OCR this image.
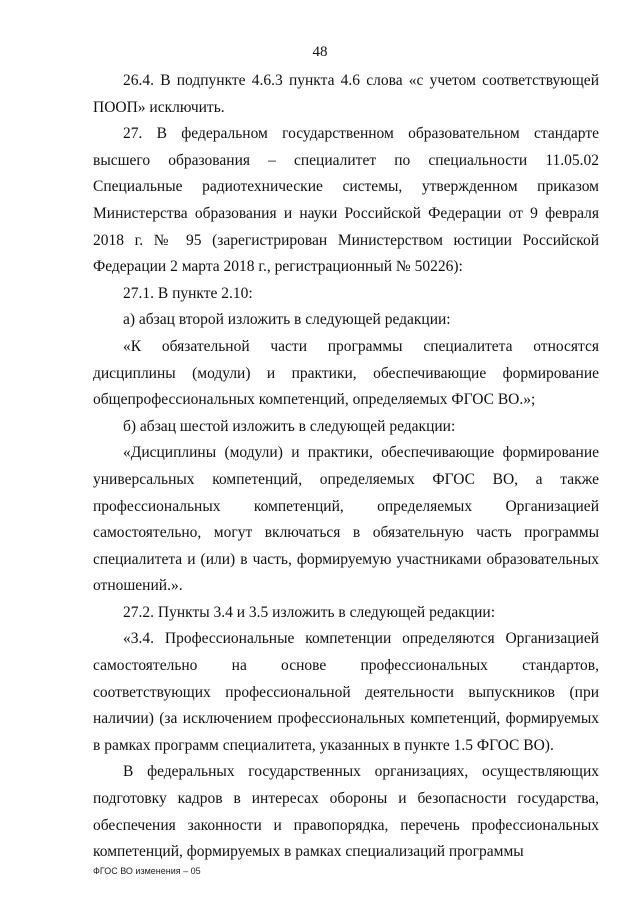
48

26.4. В подпункте 4.6.3 пункта 4.6 слова «с учетом соответствующей ПООП» исключить.

27. В федеральном государственном образовательном стандарте высшего образования – специалитет по специальности 11.05.02 Специальные радиотехнические системы, утвержденном приказом Министерства образования и науки Российской Федерации от 9 февраля 2018 г. № 95 (зарегистрирован Министерством юстиции Российской Федерации 2 марта 2018 г., регистрационный № 50226):

27.1. В пункте 2.10:

а) абзац второй изложить в следующей редакции:

«К обязательной части программы специалитета относятся дисциплины (модули) и практики, обеспечивающие формирование общепрофессиональных компетенций, определяемых ФГОС ВО.»;

б) абзац шестой изложить в следующей редакции:

«Дисциплины (модули) и практики, обеспечивающие формирование универсальных компетенций, определяемых ФГОС ВО, а также профессиональных компетенций, определяемых Организацией самостоятельно, могут включаться в обязательную часть программы специалитета и (или) в часть, формируемую участниками образовательных отношений.».

27.2. Пункты 3.4 и 3.5 изложить в следующей редакции:

«3.4. Профессиональные компетенции определяются Организацией самостоятельно на основе профессиональных стандартов, соответствующих профессиональной деятельности выпускников (при наличии) (за исключением профессиональных компетенций, формируемых в рамках программ специалитета, указанных в пункте 1.5 ФГОС ВО).

В федеральных государственных организациях, осуществляющих подготовку кадров в интересах обороны и безопасности государства, обеспечения законности и правопорядка, перечень профессиональных компетенций, формируемых в рамках специализаций программы

ФГОС ВО изменения – 05
